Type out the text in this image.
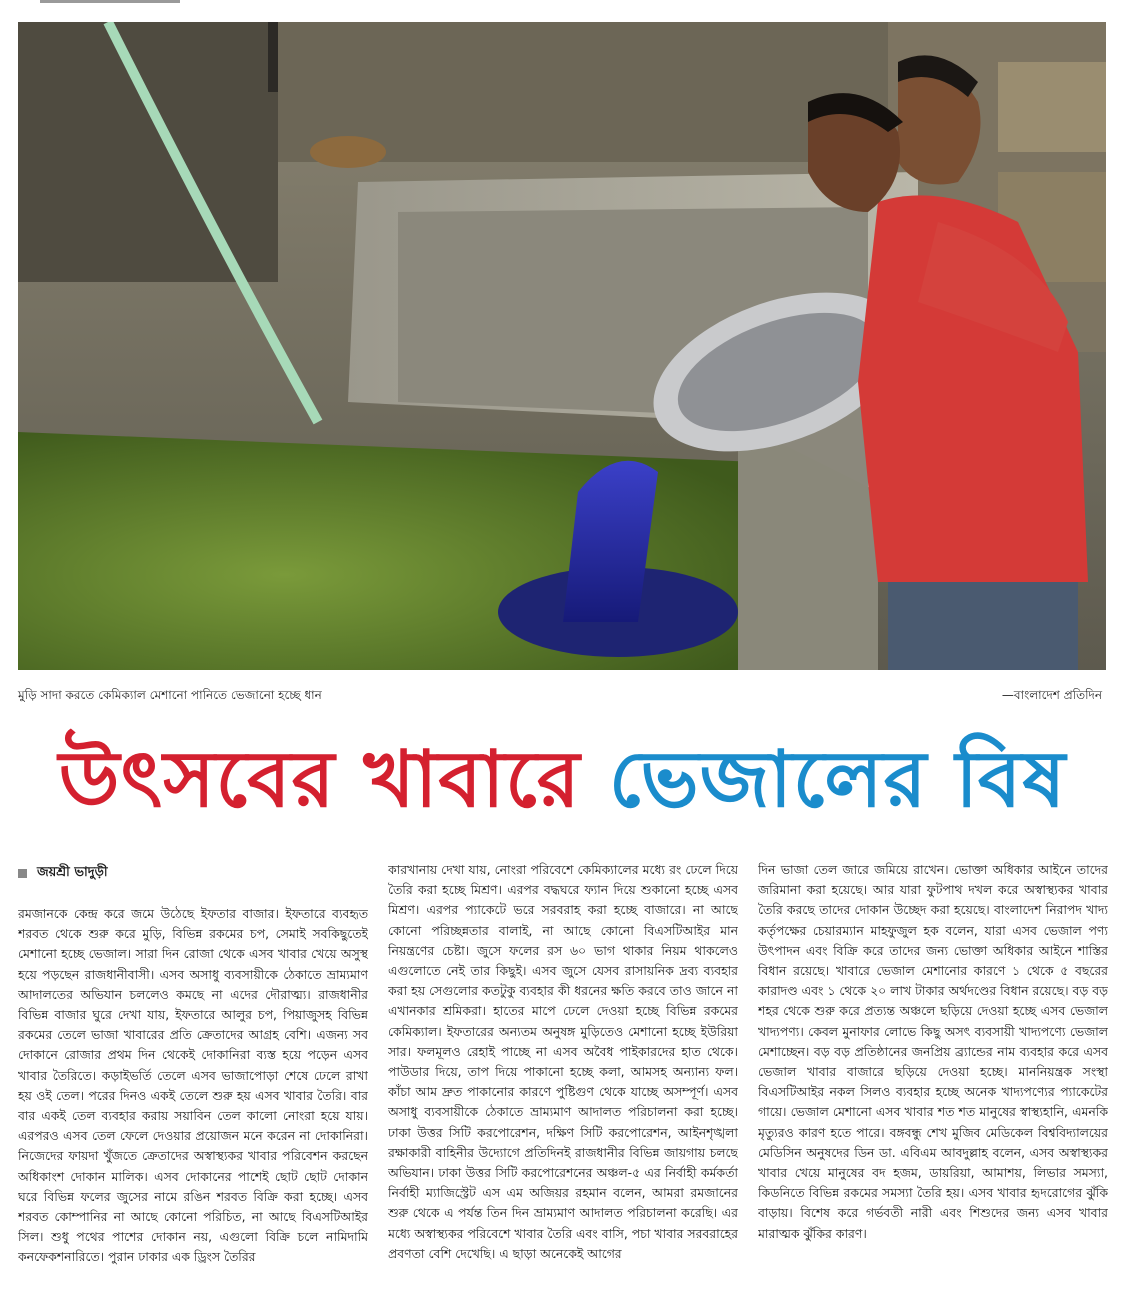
মুড়ি সাদা করতে কেমিক্যাল মেশানো পানিতে ভেজানো হচ্ছে ধান	—বাংলাদেশ প্রতিদিন
উৎসবের খাবারে ভেজালের বিষ
জয়শ্রী ভাদুড়ী

রমজানকে কেন্দ্র করে জমে উঠেছে ইফতার বাজার। ইফতারে ব্যবহৃত শরবত থেকে শুরু করে মুড়ি, বিভিন্ন রকমের চপ, সেমাই সবকিছুতেই মেশানো হচ্ছে ভেজাল। সারা দিন রোজা থেকে এসব খাবার খেয়ে অসুস্থ হয়ে পড়ছেন রাজধানীবাসী। এসব অসাধু ব্যবসায়ীকে ঠেকাতে ভ্রাম্যমাণ আদালতের অভিযান চললেও কমছে না এদের দৌরাত্ম্য। রাজধানীর বিভিন্ন বাজার ঘুরে দেখা যায়, ইফতারে আলুর চপ, পিয়াজুসহ বিভিন্ন রকমের তেলে ভাজা খাবারের প্রতি ক্রেতাদের আগ্রহ বেশি। এজন্য সব দোকানে রোজার প্রথম দিন থেকেই দোকানিরা ব্যস্ত হয়ে পড়েন এসব খাবার তৈরিতে। কড়াইভর্তি তেলে এসব ভাজাপোড়া শেষে ঢেলে রাখা হয় ওই তেল। পরের দিনও একই তেলে শুরু হয় এসব খাবার তৈরি। বার বার একই তেল ব্যবহার করায় সয়াবিন তেল কালো নোংরা হয়ে যায়। এরপরও এসব তেল ফেলে দেওয়ার প্রয়োজন মনে করেন না দোকানিরা। নিজেদের ফায়দা খুঁজতে ক্রেতাদের অস্বাস্থ্যকর খাবার পরিবেশন করছেন অধিকাংশ দোকান মালিক। এসব দোকানের পাশেই ছোট ছোট দোকান ঘরে বিভিন্ন ফলের জুসের নামে রঙিন শরবত বিক্রি করা হচ্ছে। এসব শরবত কোম্পানির না আছে কোনো পরিচিত, না আছে বিএসটিআইর সিল। শুধু পথের পাশের দোকান নয়, এগুলো বিক্রি চলে নামিদামি কনফেকশনারিতে। পুরান ঢাকার এক ড্রিংস তৈরির

কারখানায় দেখা যায়, নোংরা পরিবেশে কেমিক্যালের মধ্যে রং ঢেলে দিয়ে তৈরি করা হচ্ছে মিশ্রণ। এরপর বদ্ধঘরে ফ্যান দিয়ে শুকানো হচ্ছে এসব মিশ্রণ। এরপর প্যাকেটে ভরে সরবরাহ করা হচ্ছে বাজারে। না আছে কোনো পরিচ্ছন্নতার বালাই, না আছে কোনো বিএসটিআইর মান নিয়ন্ত্রণের চেষ্টা। জুসে ফলের রস ৬০ ভাগ থাকার নিয়ম থাকলেও এগুলোতে নেই তার কিছুই। এসব জুসে যেসব রাসায়নিক দ্রব্য ব্যবহার করা হয় সেগুলোর কতটুকু ব্যবহার কী ধরনের ক্ষতি করবে তাও জানে না এখানকার শ্রমিকরা। হাতের মাপে ঢেলে দেওয়া হচ্ছে বিভিন্ন রকমের কেমিক্যাল। ইফতারের অন্যতম অনুষঙ্গ মুড়িতেও মেশানো হচ্ছে ইউরিয়া সার। ফলমূলও রেহাই পাচ্ছে না এসব অবৈধ পাইকারদের হাত থেকে। পাউডার দিয়ে, তাপ দিয়ে পাকানো হচ্ছে কলা, আমসহ অন্যান্য ফল। কাঁচা আম দ্রুত পাকানোর কারণে পুষ্টিগুণ থেকে যাচ্ছে অসম্পূর্ণ। এসব অসাধু ব্যবসায়ীকে ঠেকাতে ভ্রাম্যমাণ আদালত পরিচালনা করা হচ্ছে। ঢাকা উত্তর সিটি করপোরেশন, দক্ষিণ সিটি করপোরেশন, আইনশৃঙ্খলা রক্ষাকারী বাহিনীর উদ্যোগে প্রতিদিনই রাজধানীর বিভিন্ন জায়গায় চলছে অভিযান। ঢাকা উত্তর সিটি করপোরেশনের অঞ্চল-৫ এর নির্বাহী কর্মকর্তা নির্বাহী ম্যাজিস্ট্রেট এস এম অজিয়র রহমান বলেন, আমরা রমজানের শুরু থেকে এ পর্যন্ত তিন দিন ভ্রাম্যমাণ আদালত পরিচালনা করেছি। এর মধ্যে অস্বাস্থ্যকর পরিবেশে খাবার তৈরি এবং বাসি, পচা খাবার সরবরাহের প্রবণতা বেশি দেখেছি। এ ছাড়া অনেকেই আগের

দিন ভাজা তেল জারে জমিয়ে রাখেন। ভোক্তা অধিকার আইনে তাদের জরিমানা করা হয়েছে। আর যারা ফুটপাথ দখল করে অস্বাস্থ্যকর খাবার তৈরি করছে তাদের দোকান উচ্ছেদ করা হয়েছে। বাংলাদেশ নিরাপদ খাদ্য কর্তৃপক্ষের চেয়ারম্যান মাহফুজুল হক বলেন, যারা এসব ভেজাল পণ্য উৎপাদন এবং বিক্রি করে তাদের জন্য ভোক্তা অধিকার আইনে শাস্তির বিধান রয়েছে। খাবারে ভেজাল মেশানোর কারণে ১ থেকে ৫ বছরের কারাদণ্ড এবং ১ থেকে ২০ লাখ টাকার অর্থদণ্ডের বিধান রয়েছে। বড় বড় শহর থেকে শুরু করে প্রত্যন্ত অঞ্চলে ছড়িয়ে দেওয়া হচ্ছে এসব ভেজাল খাদ্যপণ্য। কেবল মুনাফার লোভে কিছু অসৎ ব্যবসায়ী খাদ্যপণ্যে ভেজাল মেশাচ্ছেন। বড় বড় প্রতিষ্ঠানের জনপ্রিয় ব্র্যান্ডের নাম ব্যবহার করে এসব ভেজাল খাবার বাজারে ছড়িয়ে দেওয়া হচ্ছে। মাননিয়ন্ত্রক সংস্থা বিএসটিআইর নকল সিলও ব্যবহার হচ্ছে অনেক খাদ্যপণ্যের প্যাকেটের গায়ে। ভেজাল মেশানো এসব খাবার শত শত মানুষের স্বাস্থ্যহানি, এমনকি মৃত্যুরও কারণ হতে পারে। বঙ্গবন্ধু শেখ মুজিব মেডিকেল বিশ্ববিদ্যালয়ের মেডিসিন অনুষদের ডিন ডা. এবিএম আবদুল্লাহ বলেন, এসব অস্বাস্থ্যকর খাবার খেয়ে মানুষের বদ হজম, ডায়রিয়া, আমাশয়, লিভার সমস্যা, কিডনিতে বিভিন্ন রকমের সমস্যা তৈরি হয়। এসব খাবার হৃদরোগের ঝুঁকি বাড়ায়। বিশেষ করে গর্ভবতী নারী এবং শিশুদের জন্য এসব খাবার মারাত্মক ঝুঁকির কারণ।
